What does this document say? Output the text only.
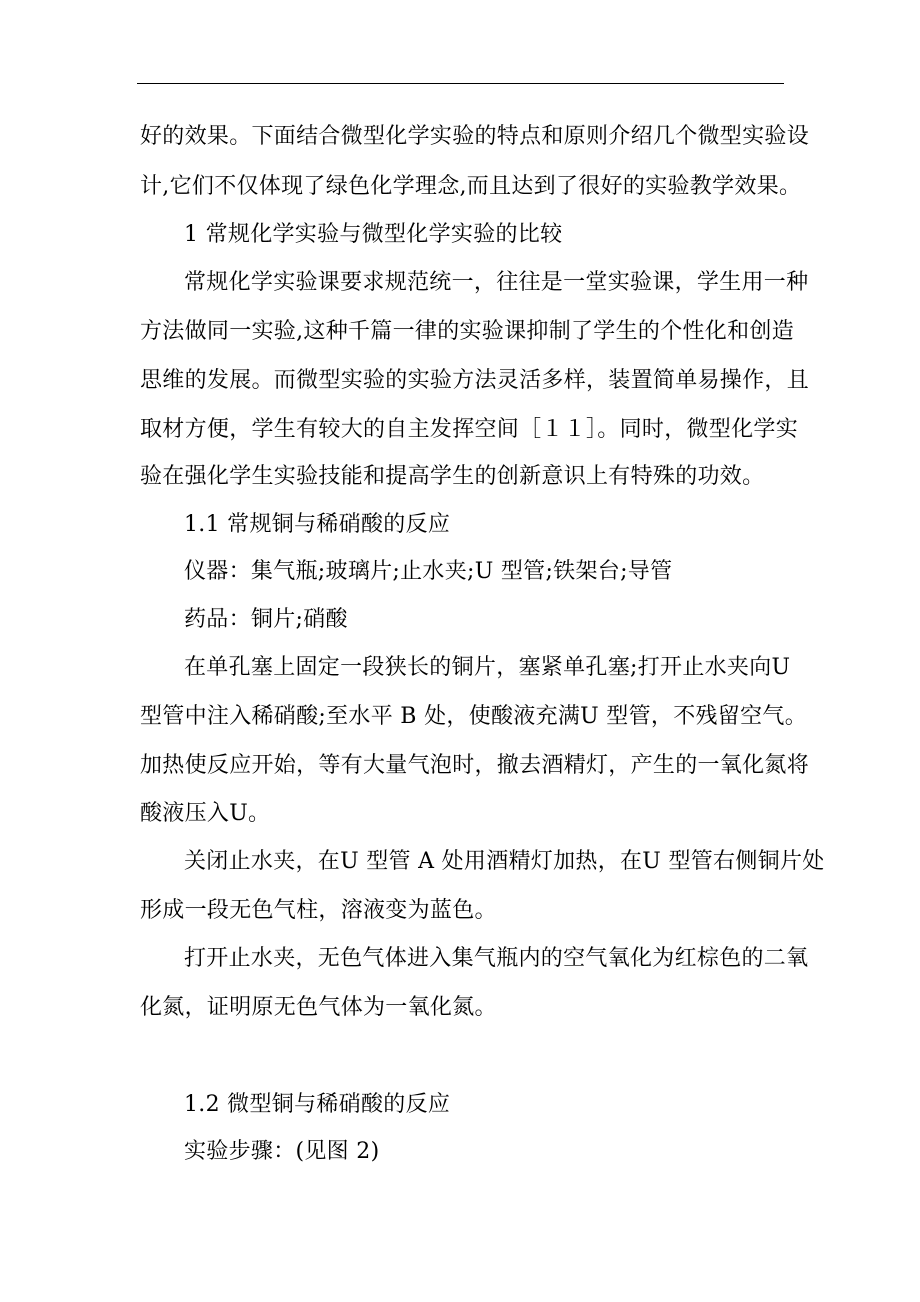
好的效果。下面结合微型化学实验的特点和原则介绍几个微型实验设
计,它们不仅体现了绿色化学理念,而且达到了很好的实验教学效果。
1 常规化学实验与微型化学实验的比较
常规化学实验课要求规范统一，往往是一堂实验课，学生用一种
方法做同一实验,这种千篇一律的实验课抑制了学生的个性化和创造
思维的发展。而微型实验的实验方法灵活多样，装置简单易操作，且
取材方便，学生有较大的自主发挥空间［１１］。同时，微型化学实
验在强化学生实验技能和提高学生的创新意识上有特殊的功效。
1.1 常规铜与稀硝酸的反应
仪器：集气瓶;玻璃片;止水夹;U 型管;铁架台;导管
药品：铜片;硝酸
在单孔塞上固定一段狭长的铜片，塞紧单孔塞;打开止水夹向U
型管中注入稀硝酸;至水平 B 处，使酸液充满U 型管，不残留空气。
加热使反应开始，等有大量气泡时，撤去酒精灯，产生的一氧化氮将
酸液压入U。
关闭止水夹，在U 型管 A 处用酒精灯加热，在U 型管右侧铜片处
形成一段无色气柱，溶液变为蓝色。
打开止水夹，无色气体进入集气瓶内的空气氧化为红棕色的二氧
化氮，证明原无色气体为一氧化氮。
1.2 微型铜与稀硝酸的反应
实验步骤：(见图 2)
